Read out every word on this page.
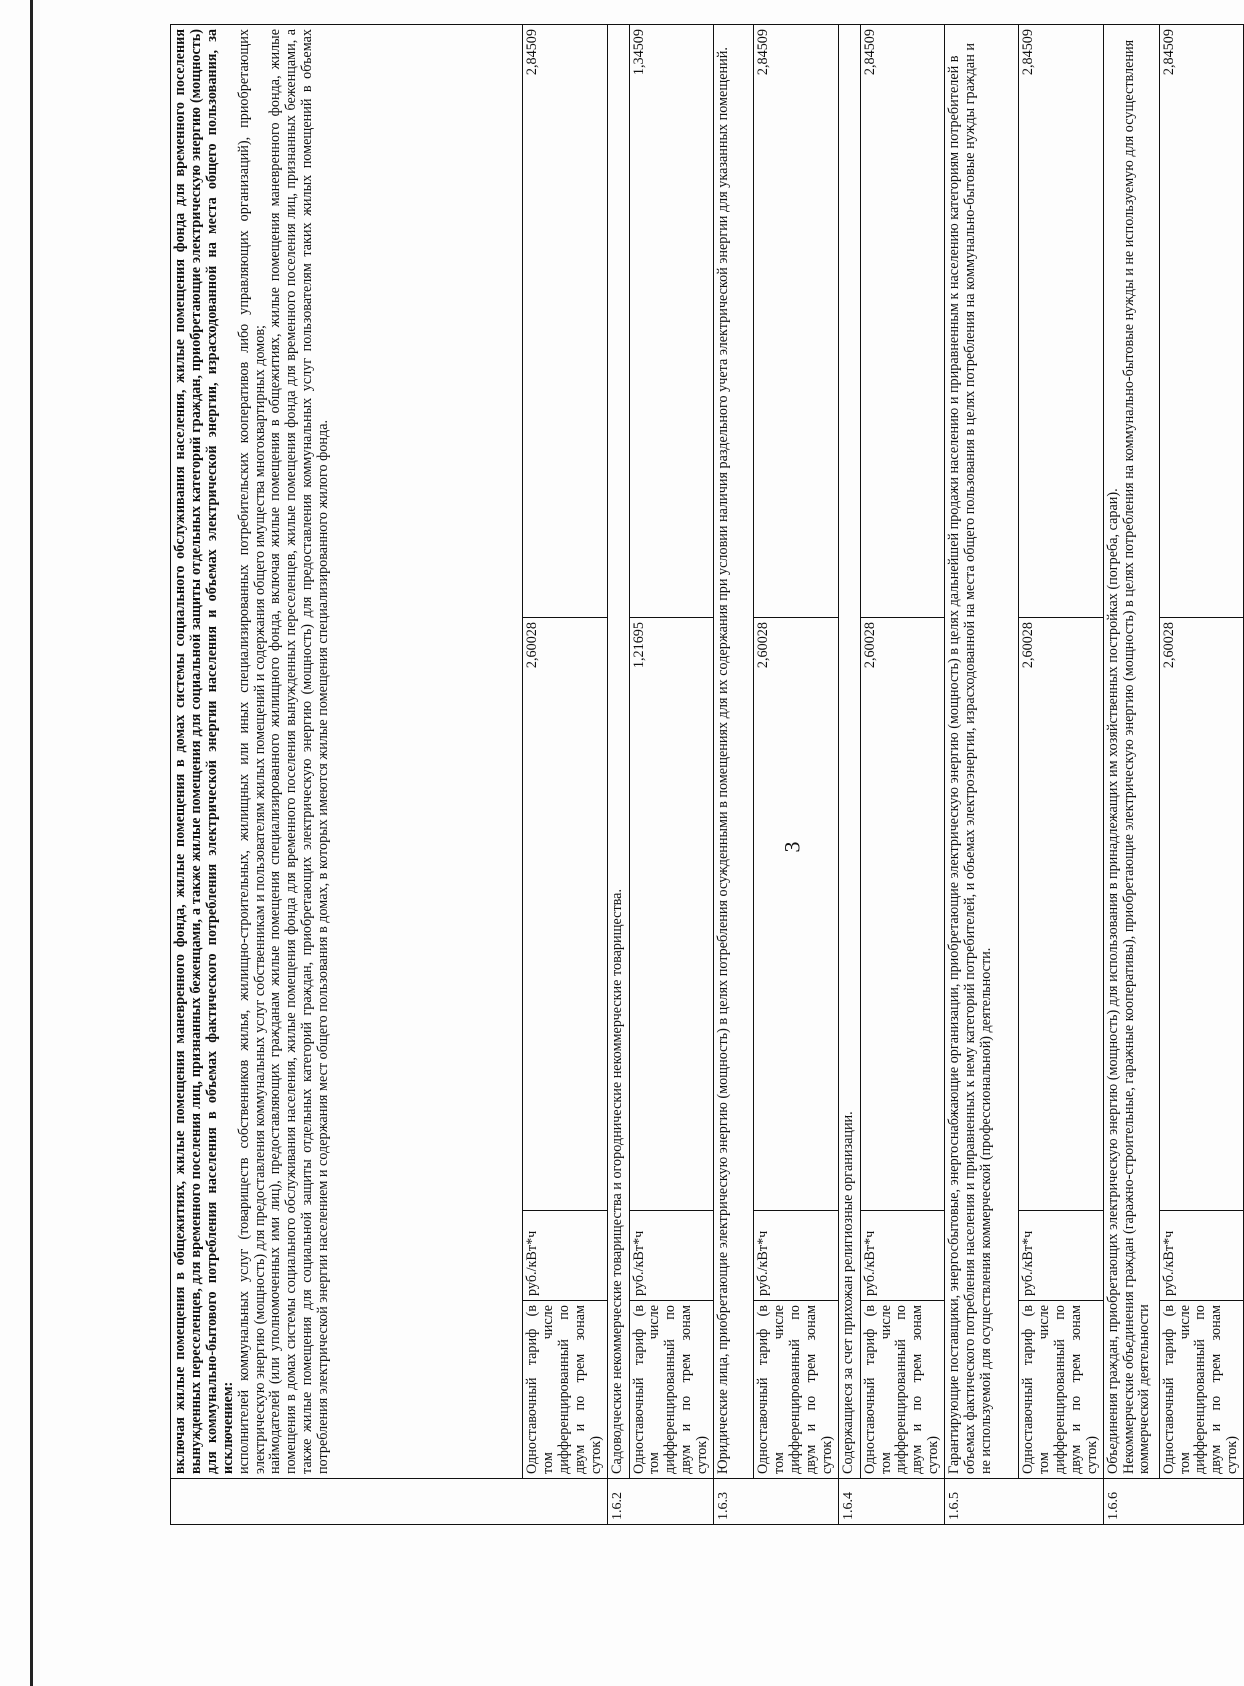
3

	включая жилые помещения в общежитиях, жилые помещения маневренного фонда, жилые помещения в домах системы социального обслуживания населения, жилые помещения фонда для временного поселения вынужденных переселенцев, для временного поселения лиц, признанных беженцами, а также жилые помещения для социальной защиты отдельных категорий граждан, приобретающие электрическую энергию (мощность) для коммунально-бытового потребления населения в объемах фактического потребления электрической энергии населения и объемах электрической энергии, израсходованной на места общего пользования, за исключением: исполнителей коммунальных услуг (товариществ собственников жилья, жилищно-строительных, жилищных или иных специализированных потребительских кооперативов либо управляющих организаций), приобретающих электрическую энергию (мощность) для предоставления коммунальных услуг собственникам и пользователям жилых помещений и содержания общего имущества многоквартирных домов; наймодателей (или уполномоченных ими лиц), предоставляющих гражданам жилые помещения специализированного жилищного фонда, включая жилые помещения в общежитиях, жилые помещения маневренного фонда, жилые помещения в домах системы социального обслуживания населения, жилые помещения фонда для временного поселения вынужденных переселенцев, жилые помещения фонда для временного поселения лиц, признанных беженцами, а также жилые помещения для социальной защиты отдельных категорий граждан, приобретающих электрическую энергию (мощность) для предоставления коммунальных услуг пользователям таких жилых помещений в объемах потребления электрической энергии населением и содержания мест общего пользования в домах, в которых имеются жилые помещения специализированного жилого фонда.			

	Одноставочный тариф (в том числе дифференцированный по двум и по трем зонам суток)	руб./кВт*ч	2,60028	2,84509
1.6.2	Садоводческие некоммерческие товарищества и огороднические некоммерческие товарищества.			
	Одноставочный тариф (в том числе дифференцированный по двум и по трем зонам суток)	руб./кВт*ч	1,21695	1,34509
1.6.3	Юридические лица, приобретающие электрическую энергию (мощность) в целях потребления осужденными в помещениях для их содержания при условии наличия раздельного учета электрической энергии для указанных помещений.			
	Одноставочный тариф (в том числе дифференцированный по двум и по трем зонам суток)	руб./кВт*ч	2,60028	2,84509
1.6.4	Содержащиеся за счет прихожан религиозные организации.			
	Одноставочный тариф (в том числе дифференцированный по двум и по трем зонам суток)	руб./кВт*ч	2,60028	2,84509
1.6.5	Гарантирующие поставщики, энергосбытовые, энергоснабжающие организации, приобретающие электрическую энергию (мощность) в целях дальнейшей продажи населению и приравненным к населению категориям потребителей в объемах фактического потребления населения и приравненных к нему категорий потребителей, и объемах электроэнергии, израсходованной на места общего пользования в целях потребления на коммунально-бытовые нужды граждан и не используемой для осуществления коммерческой (профессиональной) деятельности.			
	Одноставочный тариф (в том числе дифференцированный по двум и по трем зонам суток)	руб./кВт*ч	2,60028	2,84509
1.6.6	Объединения граждан, приобретающих электрическую энергию (мощность) для использования в принадлежащих им хозяйственных постройках (погреба, сараи). Некоммерческие объединения граждан (гаражно-строительные, гаражные кооперативы), приобретающие электрическую энергию (мощность) в целях потребления на коммунально-бытовые нужды и не используемую для осуществления коммерческой деятельности			

	Одноставочный тариф (в том числе дифференцированный по двум и по трем зонам суток)	руб./кВт*ч	2,60028	2,84509
